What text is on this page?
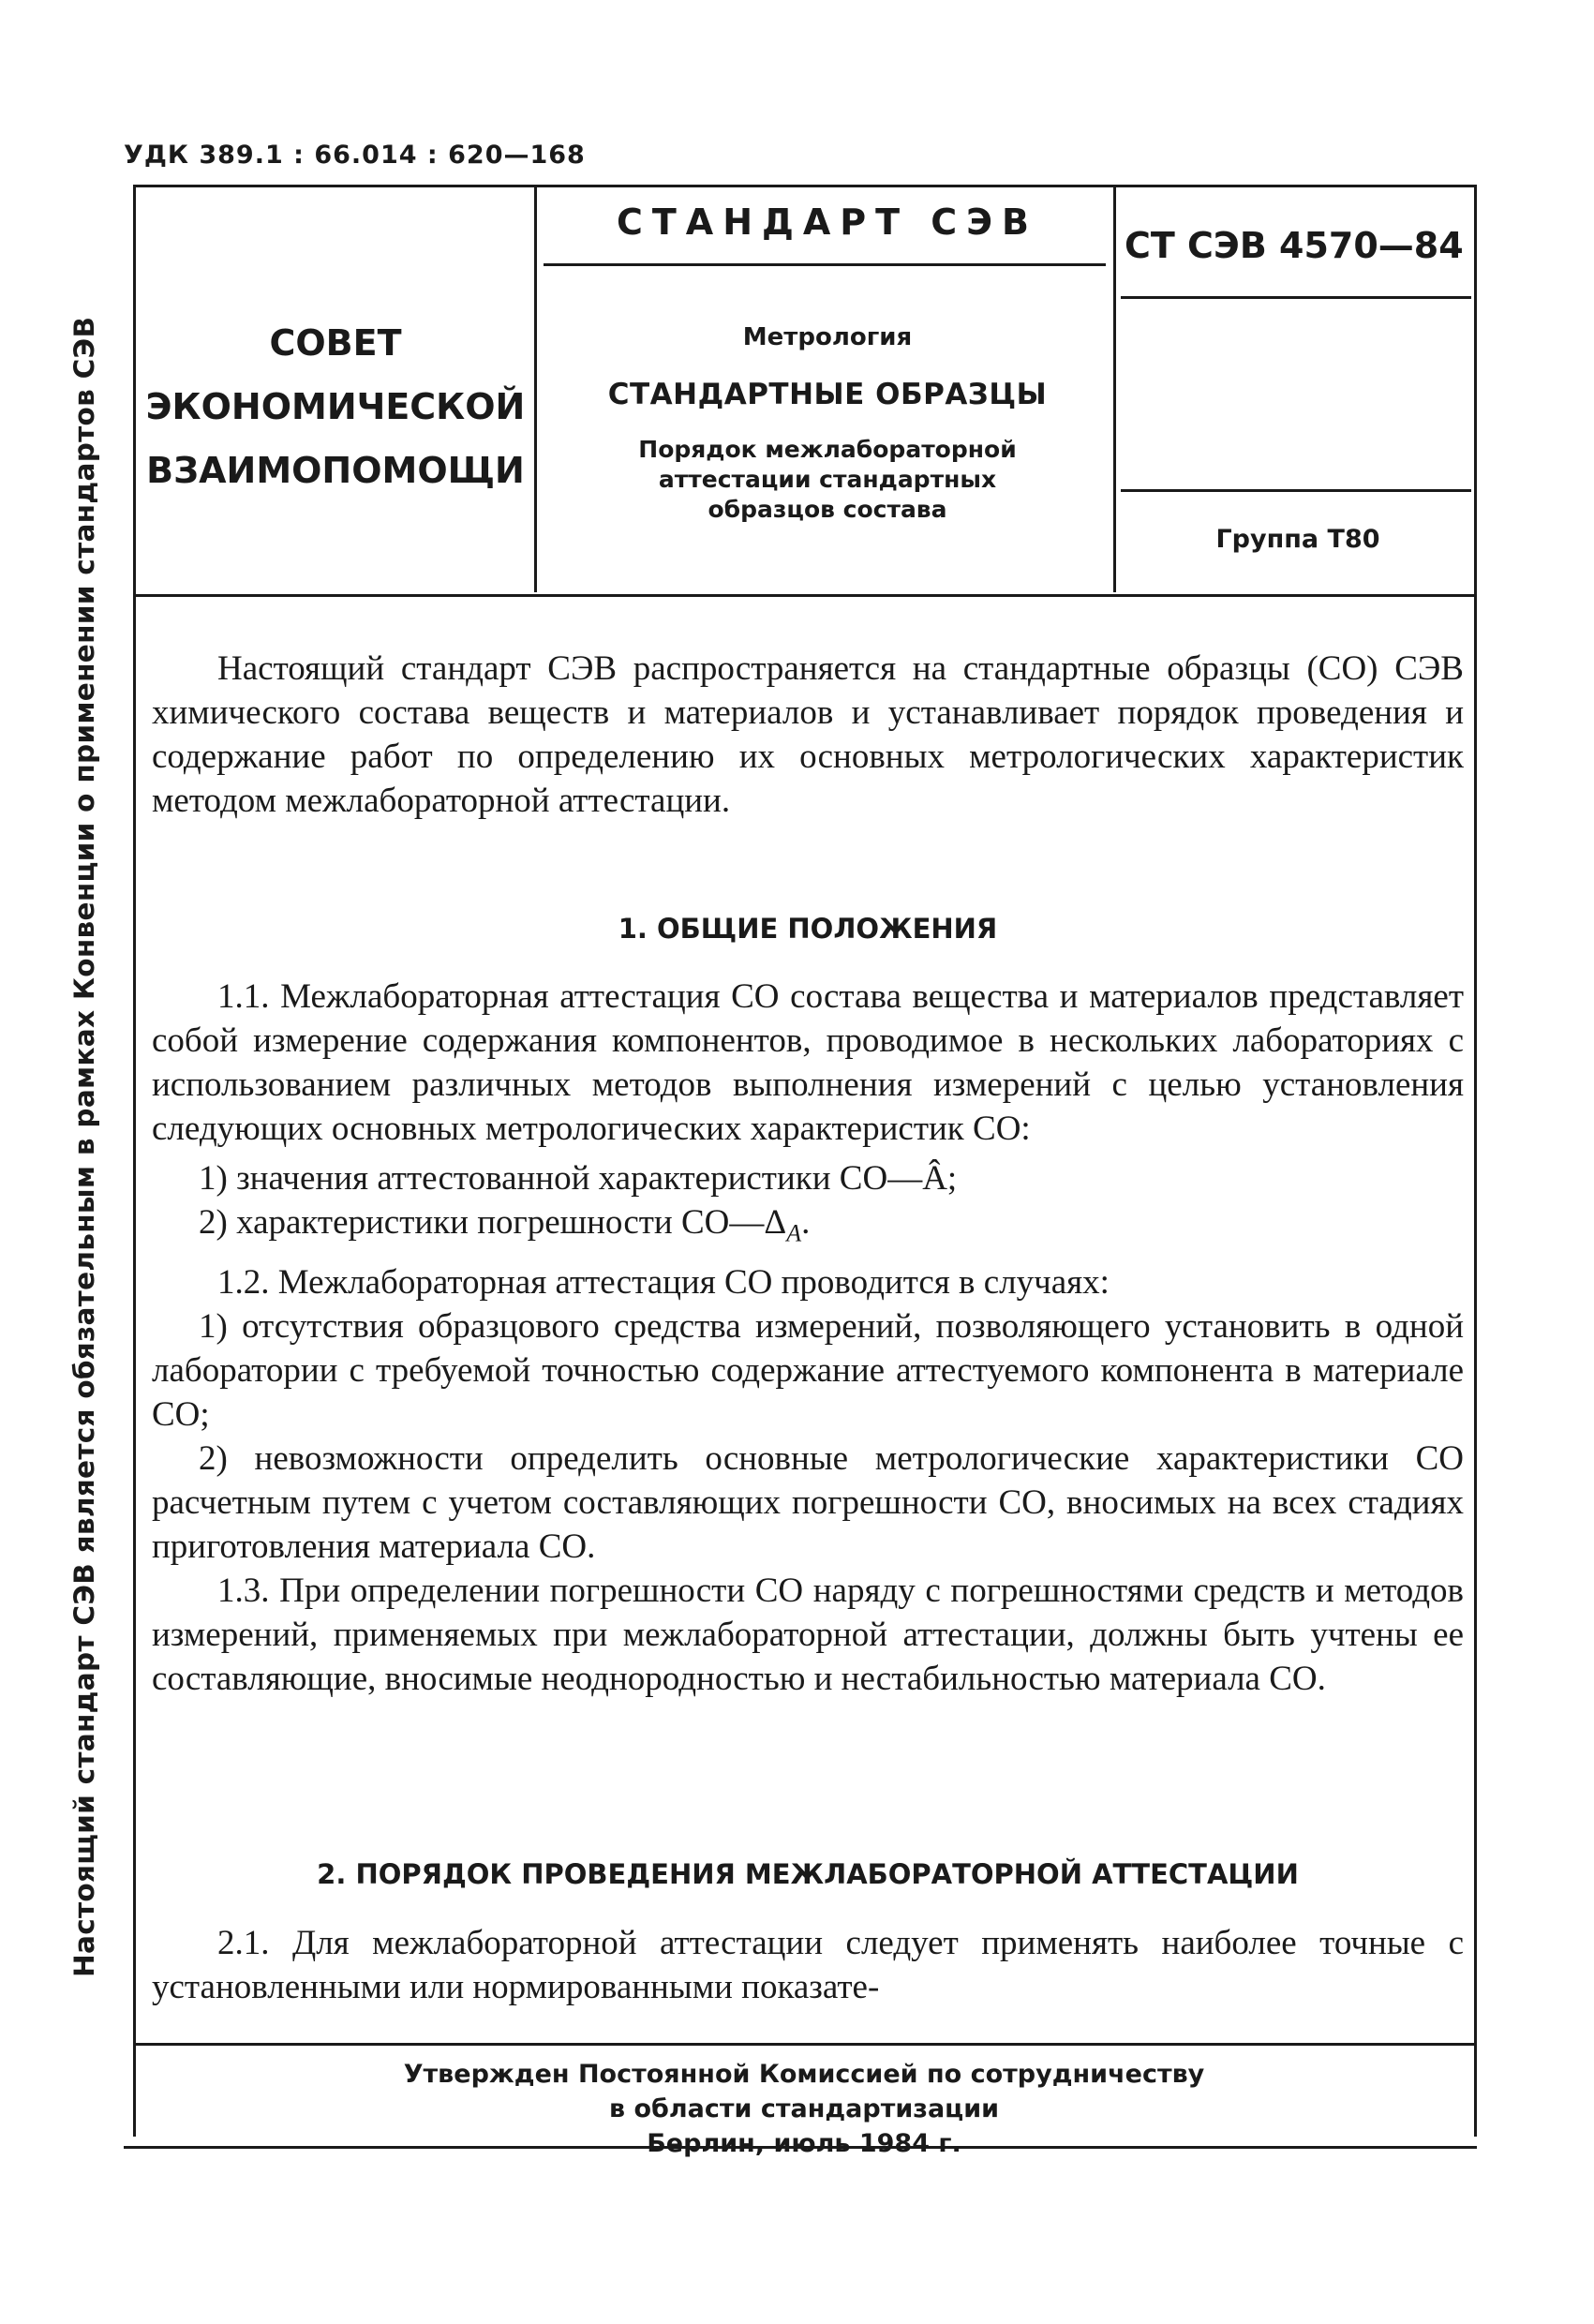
УДК 389.1 : 66.014 : 620—168
Настоящий стандарт СЭВ является обязательным в рамках Конвенции о применении стандартов СЭВ	СОВЕТ
ЭКОНОМИЧЕСКОЙ
ВЗАИМОПОМОЩИ
СТАНДАРТ СЭВ
Метрология
СТАНДАРТНЫЕ ОБРАЗЦЫ
Порядок межлабораторной
аттестации стандартных
образцов состава
СТ СЭВ 4570—84
Группа Т80

Настоящий стандарт СЭВ распространяется на стандартные образцы (СО) СЭВ химического состава веществ и материалов и устанавливает порядок проведения и содержание работ по определению их основных метрологических характеристик методом межлабораторной аттестации.

1. ОБЩИЕ ПОЛОЖЕНИЯ

1.1. Межлабораторная аттестация СО состава вещества и материалов представляет собой измерение содержания компонентов, проводимое в нескольких лабораториях с использованием различных методов выполнения измерений с целью установления следующих основных метрологических характеристик СО:

1) значения аттестованной характеристики СО—Â;

2) характеристики погрешности $СО—\Delta_A$.

1.2. Межлабораторная аттестация СО проводится в случаях:

1) отсутствия образцового средства измерений, позволяющего установить в одной лаборатории с требуемой точностью содержание аттестуемого компонента в материале СО;

2) невозможности определить основные метрологические характеристики СО расчетным путем с учетом составляющих погрешности СО, вносимых на всех стадиях приготовления материала СО.

1.3. При определении погрешности СО наряду с погрешностями средств и методов измерений, применяемых при межлабораторной аттестации, должны быть учтены ее составляющие, вносимые неоднородностью и нестабильностью материала СО.

2. ПОРЯДОК ПРОВЕДЕНИЯ МЕЖЛАБОРАТОРНОЙ АТТЕСТАЦИИ

2.1. Для межлабораторной аттестации следует применять наиболее точные с установленными или нормированными показате-

Утвержден Постоянной Комиссией по сотрудничеству
в области стандартизации
Берлин, июль 1984 г.
